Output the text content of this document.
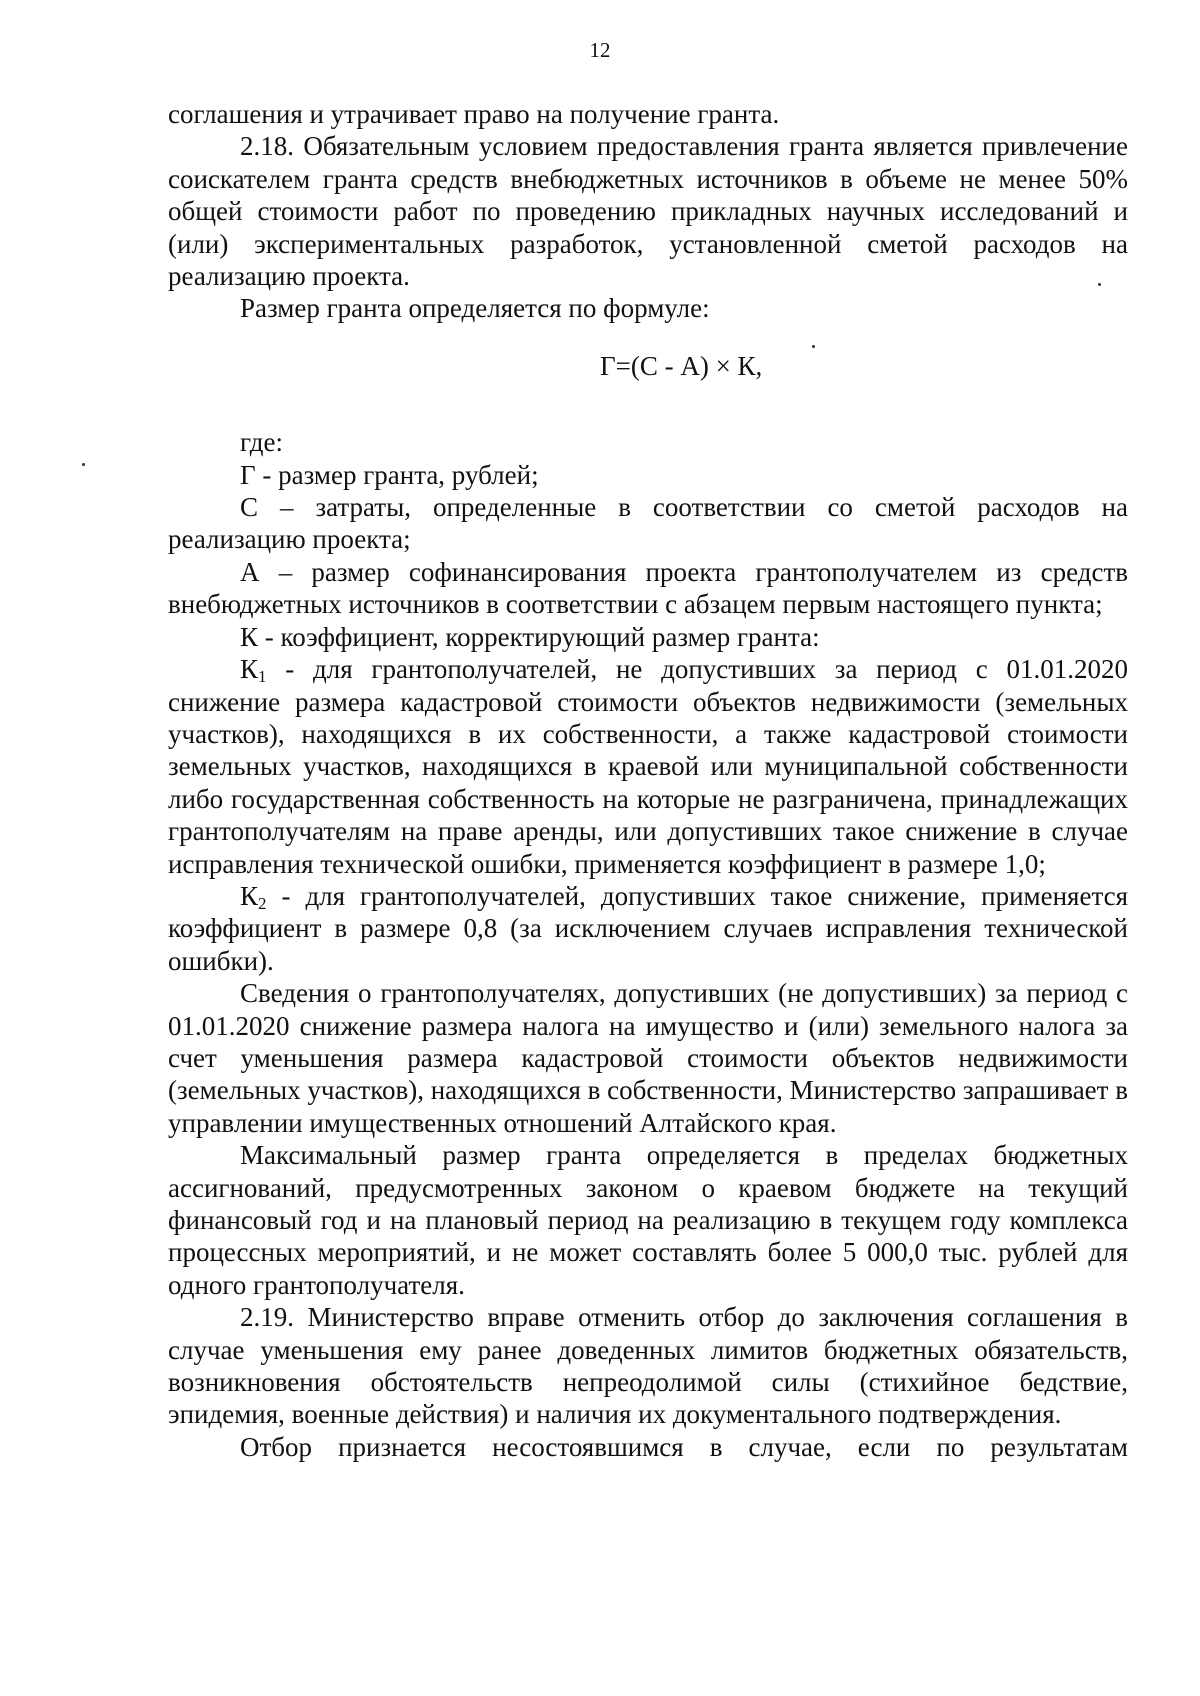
12

соглашения и утрачивает право на получение гранта.

2.18. Обязательным условием предоставления гранта является привлечение соискателем гранта средств внебюджетных источников в объеме не менее 50% общей стоимости работ по проведению прикладных научных исследований и (или) экспериментальных разработок, установленной сметой расходов на реализацию проекта.

Размер гранта определяется по формуле:

Г=(С - А) × К,

где:

Г - размер гранта, рублей;

С – затраты, определенные в соответствии со сметой расходов на реализацию проекта;

А – размер софинансирования проекта грантополучателем из средств внебюджетных источников в соответствии с абзацем первым настоящего пункта;

К - коэффициент, корректирующий размер гранта:

$К_1$ - для грантополучателей, не допустивших за период с 01.01.2020 снижение размера кадастровой стоимости объектов недвижимости (земельных участков), находящихся в их собственности, а также кадастровой стоимости земельных участков, находящихся в краевой или муниципальной собственности либо государственная собственность на которые не разграничена, принадлежащих грантополучателям на праве аренды, или допустивших такое снижение в случае исправления технической ошибки, применяется коэффициент в размере 1,0;

$К_2$ - для грантополучателей, допустивших такое снижение, применяется коэффициент в размере 0,8 (за исключением случаев исправления технической ошибки).

Сведения о грантополучателях, допустивших (не допустивших) за период с 01.01.2020 снижение размера налога на имущество и (или) земельного налога за счет уменьшения размера кадастровой стоимости объектов недвижимости (земельных участков), находящихся в собственности, Министерство запрашивает в управлении имущественных отношений Алтайского края.

Максимальный размер гранта определяется в пределах бюджетных ассигнований, предусмотренных законом о краевом бюджете на текущий финансовый год и на плановый период на реализацию в текущем году комплекса процессных мероприятий, и не может составлять более 5 000,0 тыс. рублей для одного грантополучателя.

2.19. Министерство вправе отменить отбор до заключения соглашения в случае уменьшения ему ранее доведенных лимитов бюджетных обязательств, возникновения обстоятельств непреодолимой силы (стихийное бедствие, эпидемия, военные действия) и наличия их документального подтверждения.

Отбор признается несостоявшимся в случае, если по результатам
